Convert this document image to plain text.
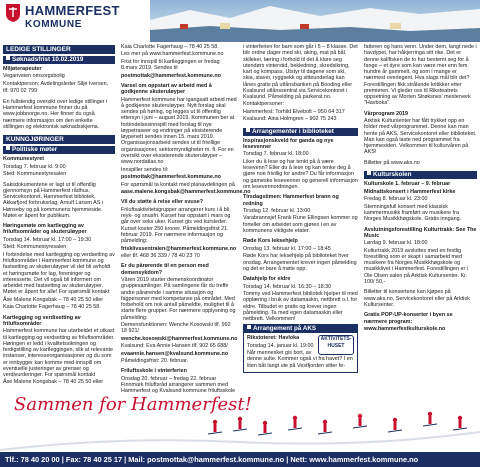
HAMMERFEST
KOMMUNE
LEDIGE STILLINGER
Søknadsfrist 10.02.2019

Miljøterapeuter

Veganveien omsorgsbolig

Kontaktperson: Avdelingsleder Silje Iversen,

tlf. 970 02 799

En fullstendig oversikt over ledige stillinger i Hammerfest kommune finner du på www.jobbnorge.no. Her finner du også nærmere informasjon om den enkelte stillingen og elektronisk søknadsskjema.

KUNNGJØRINGER
Politiske møter

Kommunestyret

Torsdag 7. februar kl. 9:00

Sted: Kommunestyresalen

Saksdokumentene er lagt ut til offentlig gjennomsyn på Hammerfest rådhus, Servicekontoret, Hammerfest bibliotek, Akkarfjord forbruksrlag, Arnulf Larsen AS i Hønseby og på kommunens hjemmeside. Møtet er åpent for publikum.

Høringsmøte om kartlegging av friluftsområder og skuteruløyper

Torsdag 14. februar kl. 17:00 – 19:30

Sted: Kommunestyresalen

I forbindelse med kartlegging og verdsetting av friluftsområder i Hammerfest kommune og fastsetting av skuteruløyper vil det bli avholdt et høringsmøte for lag, foreninger og interesserte. Det vil også bli informert om arbeidet med fastsetting av skuteruløyper. Møtet er åpent for alle! For spørsmål kontakt

Åse Malene Kongsbak – 78 40 25 50 eller

Kaia Charlotte Fagerhaug – 78 40 25 58.

Kartlegging og verdisetting av friluftsområder

Hammerfest kommune har utarbeidet et utkast til kartlegging og verdsetting av friluftsområder. Høringen er ledd i kvalitetssikringen og ferdigstilling av kartleggingen, slik at relevante instanser, interesseorganisasjoner og du som er innbygger kan komme med innspill om eventuelle justeringer av grenser og verdivurderinger. For spørsmål kontakt

Åse Malene Kongsbak – 78 40 25 50 eller

Kaia Charlotte Fagerhaug – 78 40 25 58.

Les mer på www.hammerfest.kommune.no

Frist for innspill til kartleggingen er fredag 8.mars 2019. Sendes til

postmottak@hammerfest.kommune.no

Varsel om oppstart av arbeid med å godkjenne skuteruløyper

Hammerfest kommune har igangsatt arbeid med å godkjenne skuteruløyper. Nytt forslag skal sendes på høring, og legges ut til offentlig ettersyn i juni – august 2019. Kommunen ber at forbindelsesinnspill med forslag til nye løypetraseer og endringer på eksisterende løypenett sendes innen 15. mars 2019. Organisasjonsarbeid sendes ut til frivillige organisasjoner, sektormyndigheter m. fl. For en oversikt over eksisterende skuteruløyper – www.nordatlas.no

Innspiller sendes til:

postmottak@hammerfest.kommune.no

For spørsmål ta kontakt med planavdelingen på

aase.malene.kongsbak@hammerfest.kommune.no

Vil du støtte å reise eller svusе?

Friluftsaktivitetsgrupper arrangerer kurs i å bli reyk- og snusfri. Kurset har oppstart i mars og går over seks uker. Kurset gis ved kursleder. Kurset koster 250 kroner. Påmeldingsfrist 21. februar 2019. For nærmere informasjon og påmelding:

frisklivssentralen@hammerfest.kommune.no

eller tlf. 468 36 339 / 78 40 23 70

Er du pårørende til en person med demensykdom?

Våren 2019 starter demenskoordinator gruppesamlinger. På samlingene får du treffe andre pårørende i samme situasjon og fagpersoner med kompetanse på området. Med forbehold om nok antall påmeldte, mulighet til å starte flere grupper. For nærmere opplysning og påmelding:

Demensfunktionen: Wenche Kosowski tlf. 992 18 921/

wenche.kosowski@hammerfest.kommune.no

Kvalsund: Eva Annie Hansen tlf. 902 65 688/

evaannie.hansen@kvalsund.kommune.no

Påmeldingsfrist: 20. februar.

Friluftsskole i vinterferien

Onsdag 20. februar – fredag 22. februar Finnmark friluftsråd arrangerer sammen med Hammerfest og Kvalsund kommune friluftsskole

i vinterferien for barn som går i 5 – 8 klasse. Det blir ordne dager med ski, aking, mat på bål, skileker, læring i forhold til det å klare seg utendørs vinterstid, bekledning, skredsikring, kart og kompass. Utstyr til dagene som ski, skia, staver, ryggsekk og sitteunderlag kan lånes gratis på utlånsbanken på Booding eller Kvalsund utlånssentral via Servicekontoret i Kvalsund. Påmelding på parkerat.no.

Kontaktpersoner:

Hammerfest: Torhild Elvebolt – 950 64 317

Kvalsund: Aina Holmgren – 902 75 243

Arrangementer i biblioteket

Inspirasjonskveld for ganda og nye lesevenner

Torsdag 7. februar kl. 18:00

Liker du å lese og har tenkt på å være lesevenn? Eller du å lese og kan tenke deg å gjøre noe frivillig for andre? Du får informasjon og gameske lesevenner og generell informasjon om lesevennordningen.

Tirsdagstimen: Hammerfest brann og redning

Tirsdag 12. februar kl. 13:00

Varabrannsjef Frank Rune Ellingsen kommer og forteller om arbeidet som gjøres i en av kommunens viktigste etater.

Røde Kors leksehjelp

Onsdag 13. februar kl. 17:00 – 18:45

Røde Kors har leksehjelp på biblioteket hver onsdag. Arrangementet krever ingen påmelding og det er bare å møte opp.

Datahjelp for eldre

Torsdag 14. februar kl. 16:30 – 18:30

Tommy ved Hammerfest bibliotek hjelper til med opplæring i bruk av datamaskin, nettbrett o.l. for eldre. Tilbudet er gratis og krever ingen påmelding. Ta med egen datamaskin eller nettbrett. Velkommen!

Arrangement på AKS
AKTIVITETS-
HUSET

Rikstoteret: Havloka

Torsdag 14. januar kl. 19:00

Når mennesket gis bort, av denne sulte. Kommer også vi fra havet? I en liten båt langt ute på Vestfjorden sitter fe-

fatteren og hans venn. Under dem, langt nede i havdypet, har håkjerringa sitt rike. Det er denne kallfisken de to har bestemt seg for å fange – et dyre som kan være mer enn fem hundre år gammelt, og som i mange er nærmest overlegent. Hva slags mål blir det? Forestillingen fikk strålende kritikker etter premieren. Vi gleder oss til Riksteatrets oppsetning av Morten Strøksnes' mesterverk "Havboka".

Vårprogram 2019

Arktisk Kultursenter har fått trykket opp en folder med vårprogrammet. Denne kan man hente på AKS, Servicekontoret eller biblioteket. Man kan også laste ned programmet fra hjemmesiden. Velkommen til kultur​våren på AKS!

Billetter på www.aks.no

Kulturskolen

Kulturskole 1. februar – 9. februar

Midnattskonsert i Hammerfest kirke

Fredag 8. februar kl. 23:00

Stemningsfull konsert med klassisk kammermusikk framført av musikere fra Norges Musikkhøgskole. Gratis inngang.

Avslutningsforestilling Kulturtrakk: See The Music

Lørdag 9. februar kl. 18:00

Kulturtrakk 2019 avsluttes med en festlig forestilling som er skapt i samarbeid med musikere fra Norges Musikkhøgskole og musikklivet i Hammerfest. Forestillingen er i Ole Olsen salen på Arktisk Kultursenter. Kr. 100/ 50,-

Billetter til konsertene kan kjøpes på www.aks.no, Servicekontoret eller på Arktisk Kultursenter.

Gratis POP-UP-konserter i byen se nærmere program:

www.hammerfestkulturskole.no

Sammen for Hammerfest!
Tlf.: 78 40 20 00 | Fax: 78 40 25 17 | Mail: postmottak@hammerfest.kommune.no | Nett: www.hammerfest.kommune.no
